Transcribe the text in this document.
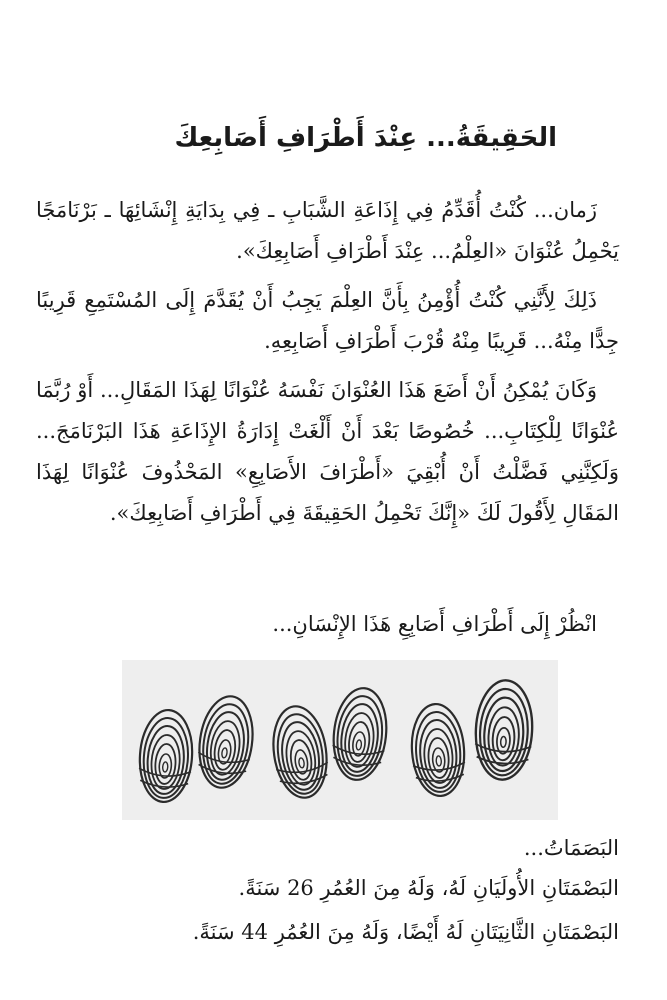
الحَقِيقَةُ... عِنْدَ أَطْرَافِ أَصَابِعِكَ

زَمان... كُنْتُ أُقَدِّمُ فِي إِذَاعَةِ الشَّبَابِ ـ فِي بِدَايَةِ إِنْشَائِهَا ـ بَرْنَامَجًا يَحْمِلُ عُنْوَانَ «العِلْمُ... عِنْدَ أَطْرَافِ أَصَابِعِكَ».

ذَلِكَ لِأَنَّنِي كُنْتُ أُؤْمِنُ بِأَنَّ العِلْمَ يَجِبُ أَنْ يُقَدَّمَ إِلَى المُسْتَمِعِ قَرِيبًا جِدًّا مِنْهُ... قَرِيبًا مِنْهُ قُرْبَ أَطْرَافِ أَصَابِعِهِ.

وَكَانَ يُمْكِنُ أَنْ أَضَعَ هَذَا العُنْوَانَ نَفْسَهُ عُنْوَانًا لِهَذَا المَقَالِ... أَوْ رُبَّمَا عُنْوَانًا لِلْكِتَابِ... خُصُوصًا بَعْدَ أَنْ أَلْغَتْ إِدَارَةُ الإِذَاعَةِ هَذَا البَرْنَامَجَ... وَلَكِنَّنِي فَضَّلْتُ أَنْ أُبْقِيَ «أَطْرَافَ الأَصَابِعِ» المَحْذُوفَ عُنْوَانًا لِهَذَا المَقَالِ لِأَقُولَ لَكَ «إِنَّكَ تَحْمِلُ الحَقِيقَةَ فِي أَطْرَافِ أَصَابِعِكَ».

انْظُرْ إِلَى أَطْرَافِ أَصَابِعِ هَذَا الإِنْسَانِ...

البَصَمَاتُ...

البَصْمَتَانِ الأُولَيَانِ لَهُ، وَلَهُ مِنَ العُمُرِ 26 سَنَةً.

البَصْمَتَانِ الثَّانِيَتَانِ لَهُ أَيْضًا، وَلَهُ مِنَ العُمُرِ 44 سَنَةً.
